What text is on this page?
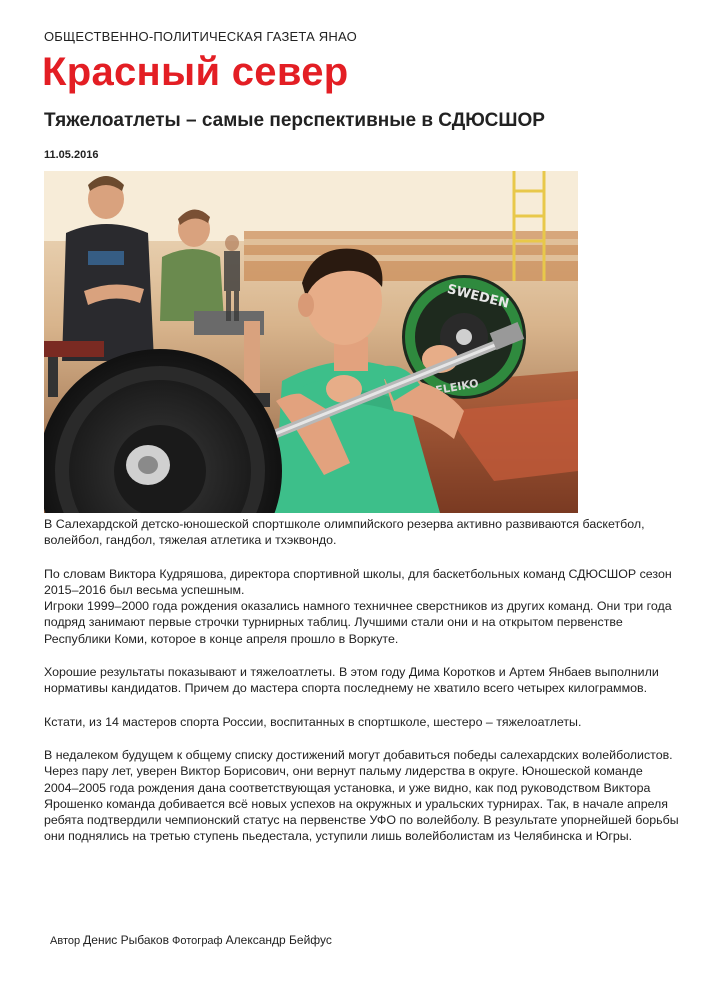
ОБЩЕСТВЕННО-ПОЛИТИЧЕСКАЯ ГАЗЕТА ЯНАО
Красный север
Тяжелоатлеты – самые перспективные в СДЮСШОР
11.05.2016
SWEDEN
ELEIKO

В Салехардской детско-юношеской спортшколе олимпийского резерва активно развиваются баскетбол, волейбол, гандбол, тяжелая атлетика и тхэквондо.

По словам Виктора Кудряшова, директора спортивной школы, для баскетбольных команд СДЮСШОР сезон 2015–2016 был весьма успешным.

Игроки 1999–2000 года рождения оказались намного техничнее сверстников из других команд. Они три года подряд занимают первые строчки турнирных таблиц. Лучшими стали они и на открытом первенстве Республики Коми, которое в конце апреля прошло в Воркуте.

Хорошие результаты показывают и тяжелоатлеты. В этом году Дима Коротков и Артем Янбаев выполнили нормативы кандидатов. Причем до мастера спорта последнему не хватило всего четырех килограммов.

Кстати, из 14 мастеров спорта России, воспитанных в спортшколе, шестеро – тяжелоатлеты.

В недалеком будущем к общему списку достижений могут добавиться победы салехардских волейболистов. Через пару лет, уверен Виктор Борисович, они вернут пальму лидерства в округе. Юношеской команде 2004–2005 года рождения дана соответствующая установка, и уже видно, как под руководством Виктора Ярошенко команда добивается всё новых успехов на окружных и уральских турнирах. Так, в начале апреля ребята подтвердили чемпионский статус на первенстве УФО по волейболу. В результате упорнейшей борьбы они поднялись на третью ступень пьедестала, уступили лишь волейболистам из Челябинска и Югры.

Автор Денис Рыбаков Фотограф Александр Бейфус
